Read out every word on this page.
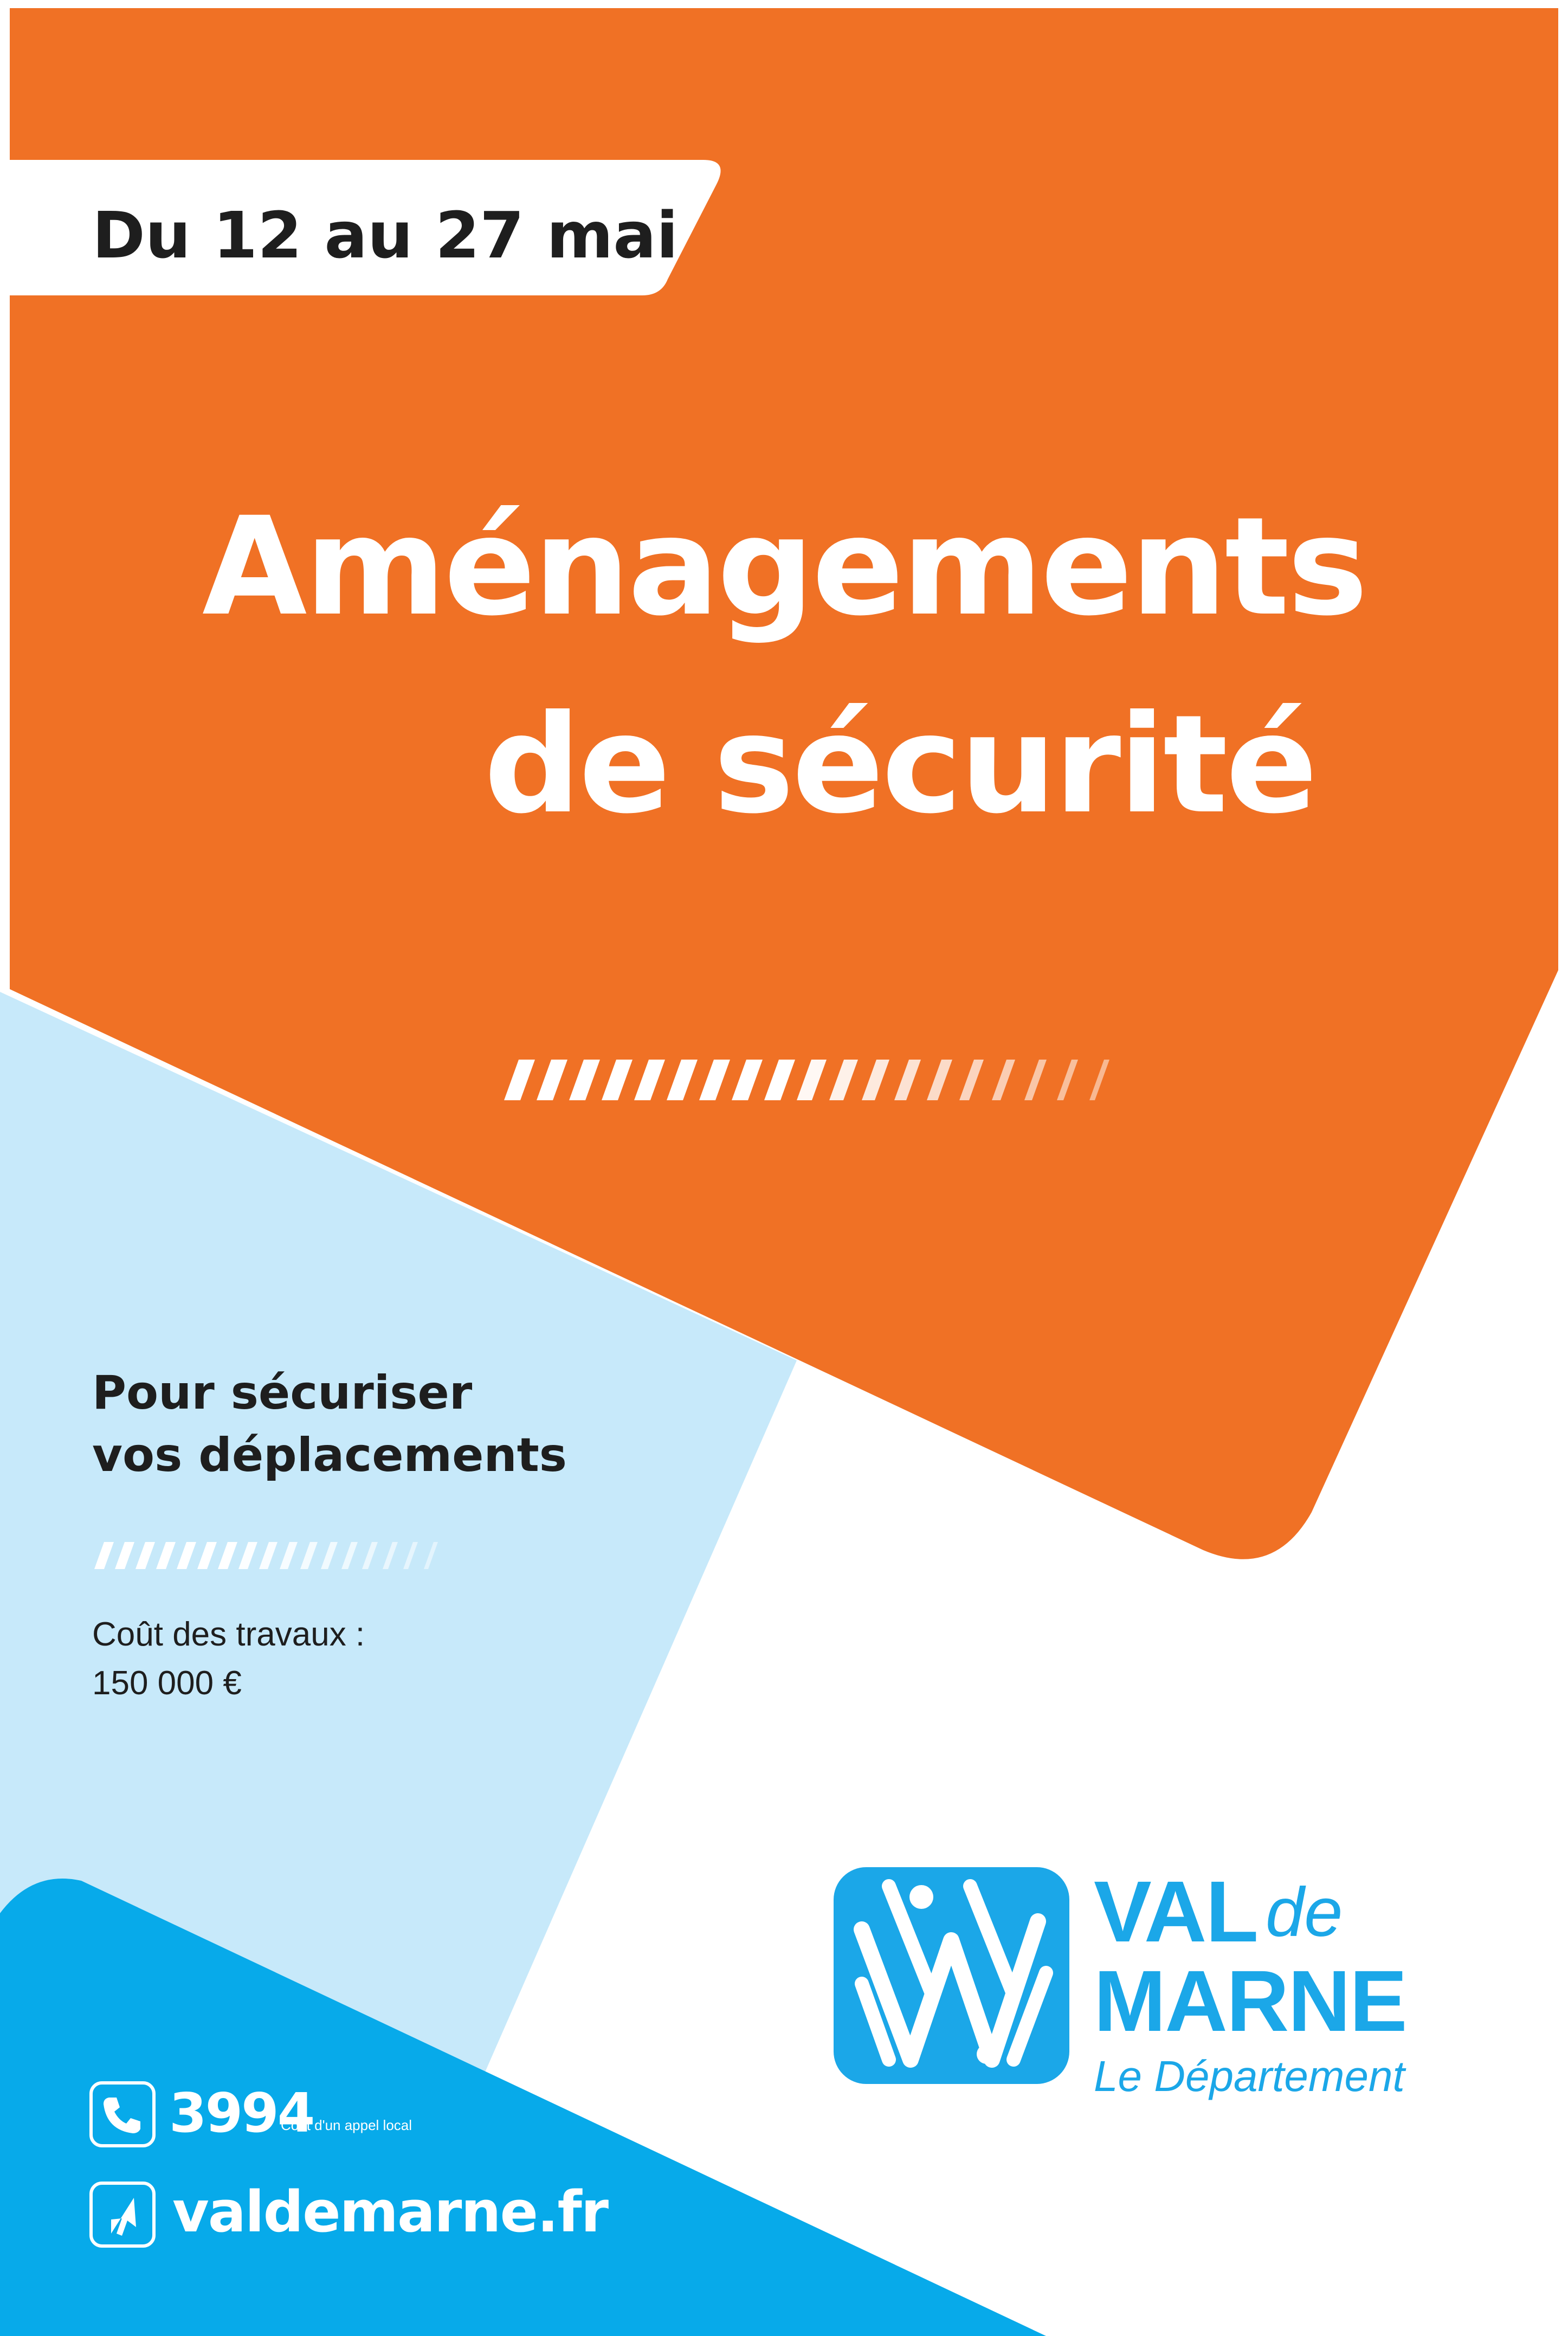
Du 12 au 27 mai

Aménagements
de sécurité

Pour sécuriser

vos déplacements

Coût des travaux :

150 000 €

3994

Coût d'un appel local

valdemarne.fr

VAL de

MARNE

Le Département
